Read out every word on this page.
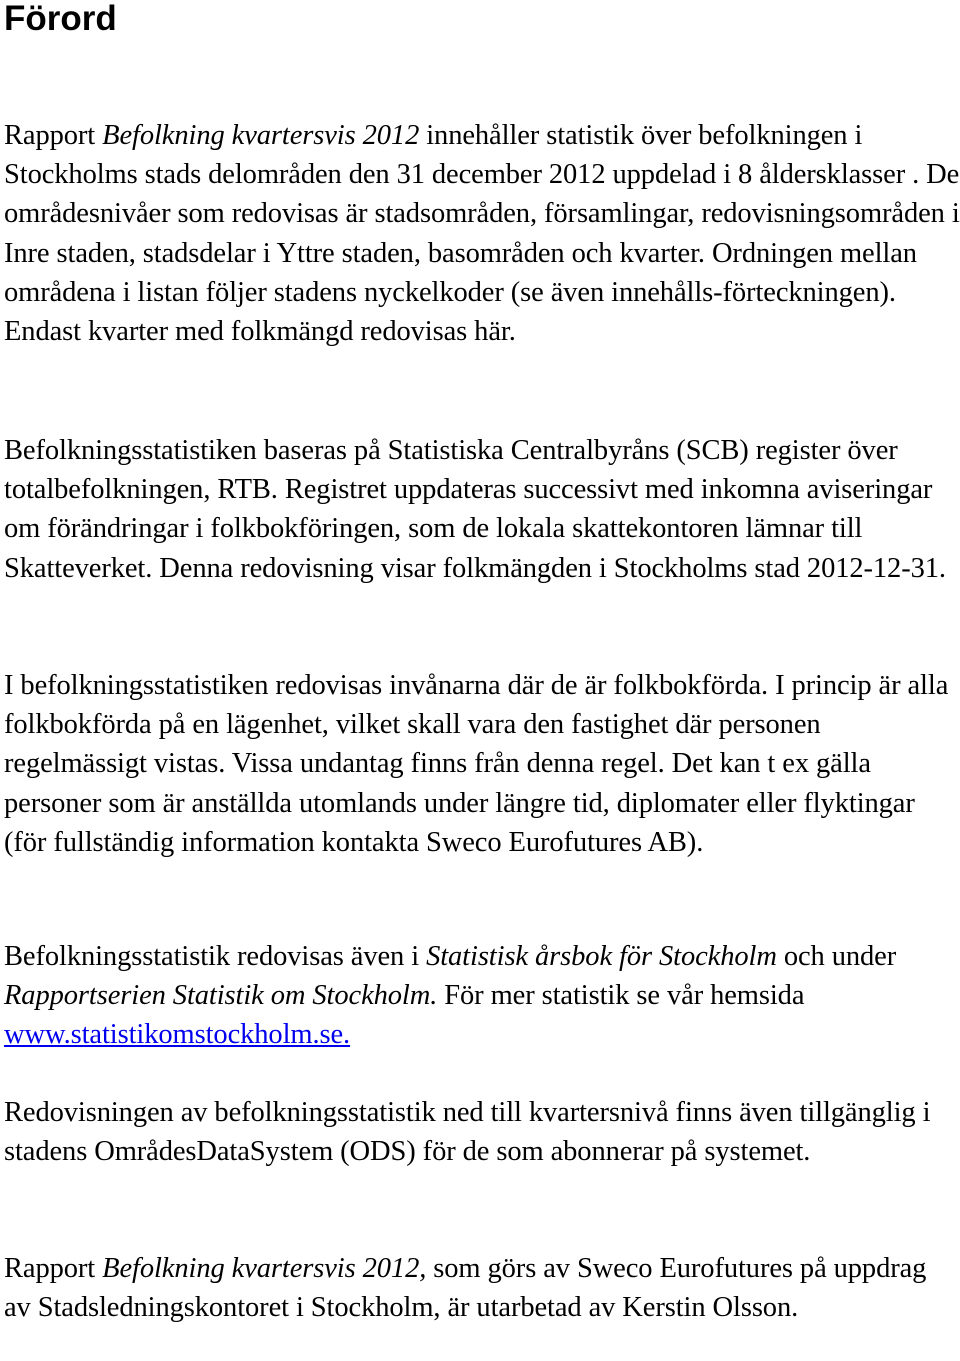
Förord

Rapport Befolkning kvartersvis 2012 innehåller statistik över befolkningen i Stockholms stads delområden den 31 december 2012 uppdelad i 8 åldersklasser . De områdesnivåer som redovisas är stadsområden, församlingar, redovisningsområden i Inre staden, stadsdelar i Yttre staden, basområden och kvarter. Ordningen mellan områdena i listan följer stadens nyckelkoder (se även innehålls-förteckningen). Endast kvarter med folkmängd redovisas här.

Befolkningsstatistiken baseras på Statistiska Centralbyråns (SCB) register över totalbefolkningen, RTB. Registret uppdateras successivt med inkomna aviseringar om förändringar i folkbokföringen, som de lokala skattekontoren lämnar till Skatteverket. Denna redovisning visar folkmängden i Stockholms stad 2012-12-31.

I befolkningsstatistiken redovisas invånarna där de är folkbokförda. I princip är alla folkbokförda på en lägenhet, vilket skall vara den fastighet där personen regelmässigt vistas. Vissa undantag finns från denna regel. Det kan t ex gälla personer som är anställda utomlands under längre tid, diplomater eller flyktingar (för fullständig information kontakta Sweco Eurofutures AB).

Befolkningsstatistik redovisas även i Statistisk årsbok för Stockholm och under Rapportserien Statistik om Stockholm. För mer statistik se vår hemsida www.statistikomstockholm.se.

Redovisningen av befolkningsstatistik ned till kvartersnivå finns även tillgänglig i stadens OmrådesDataSystem (ODS) för de som abonnerar på systemet.

Rapport Befolkning kvartersvis 2012, som görs av Sweco Eurofutures på uppdrag av Stadsledningskontoret i Stockholm, är utarbetad av Kerstin Olsson.
